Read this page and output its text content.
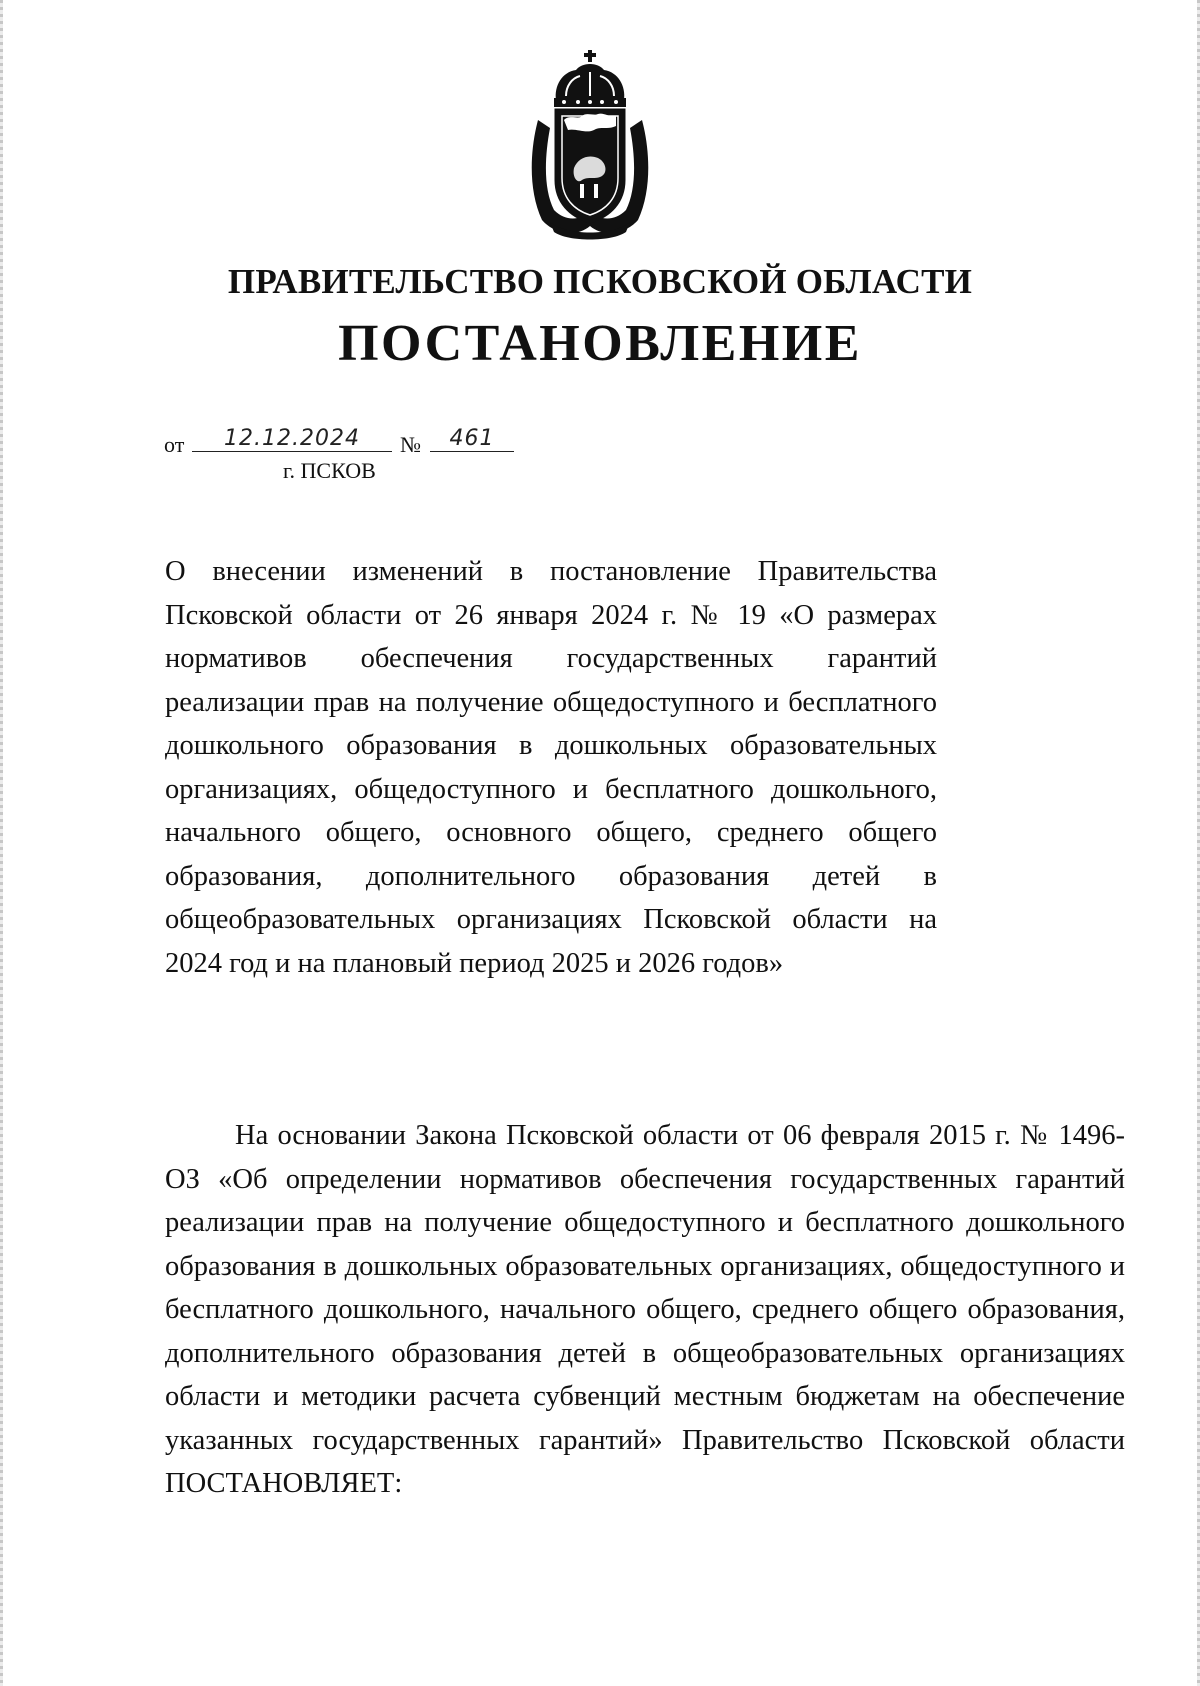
ПРАВИТЕЛЬСТВО ПСКОВСКОЙ ОБЛАСТИ
ПОСТАНОВЛЕНИЕ
от	12.12.2024	№	461
г. ПСКОВ
О внесении изменений в постановление Правительства Псковской области от 26 января 2024 г. № 19 «О размерах нормативов обеспечения государственных гарантий реализации прав на получение общедоступного и бесплатного дошкольного образования в дошкольных образовательных организациях, общедоступного и бесплатного дошкольного, начального общего, основного общего, среднего общего образования, дополнительного образования детей в общеобразовательных организациях Псковской области на 2024 год и на плановый период 2025 и 2026 годов»
На основании Закона Псковской области от 06 февраля 2015 г. № 1496-ОЗ «Об определении нормативов обеспечения государственных гарантий реализации прав на получение общедоступного и бесплатного дошкольного образования в дошкольных образовательных организациях, общедоступного и бесплатного дошкольного, начального общего, среднего общего образования, дополнительного образования детей в общеобразовательных организациях области и методики расчета субвенций местным бюджетам на обеспечение указанных государственных гарантий» Правительство Псковской области ПОСТАНОВЛЯЕТ:
